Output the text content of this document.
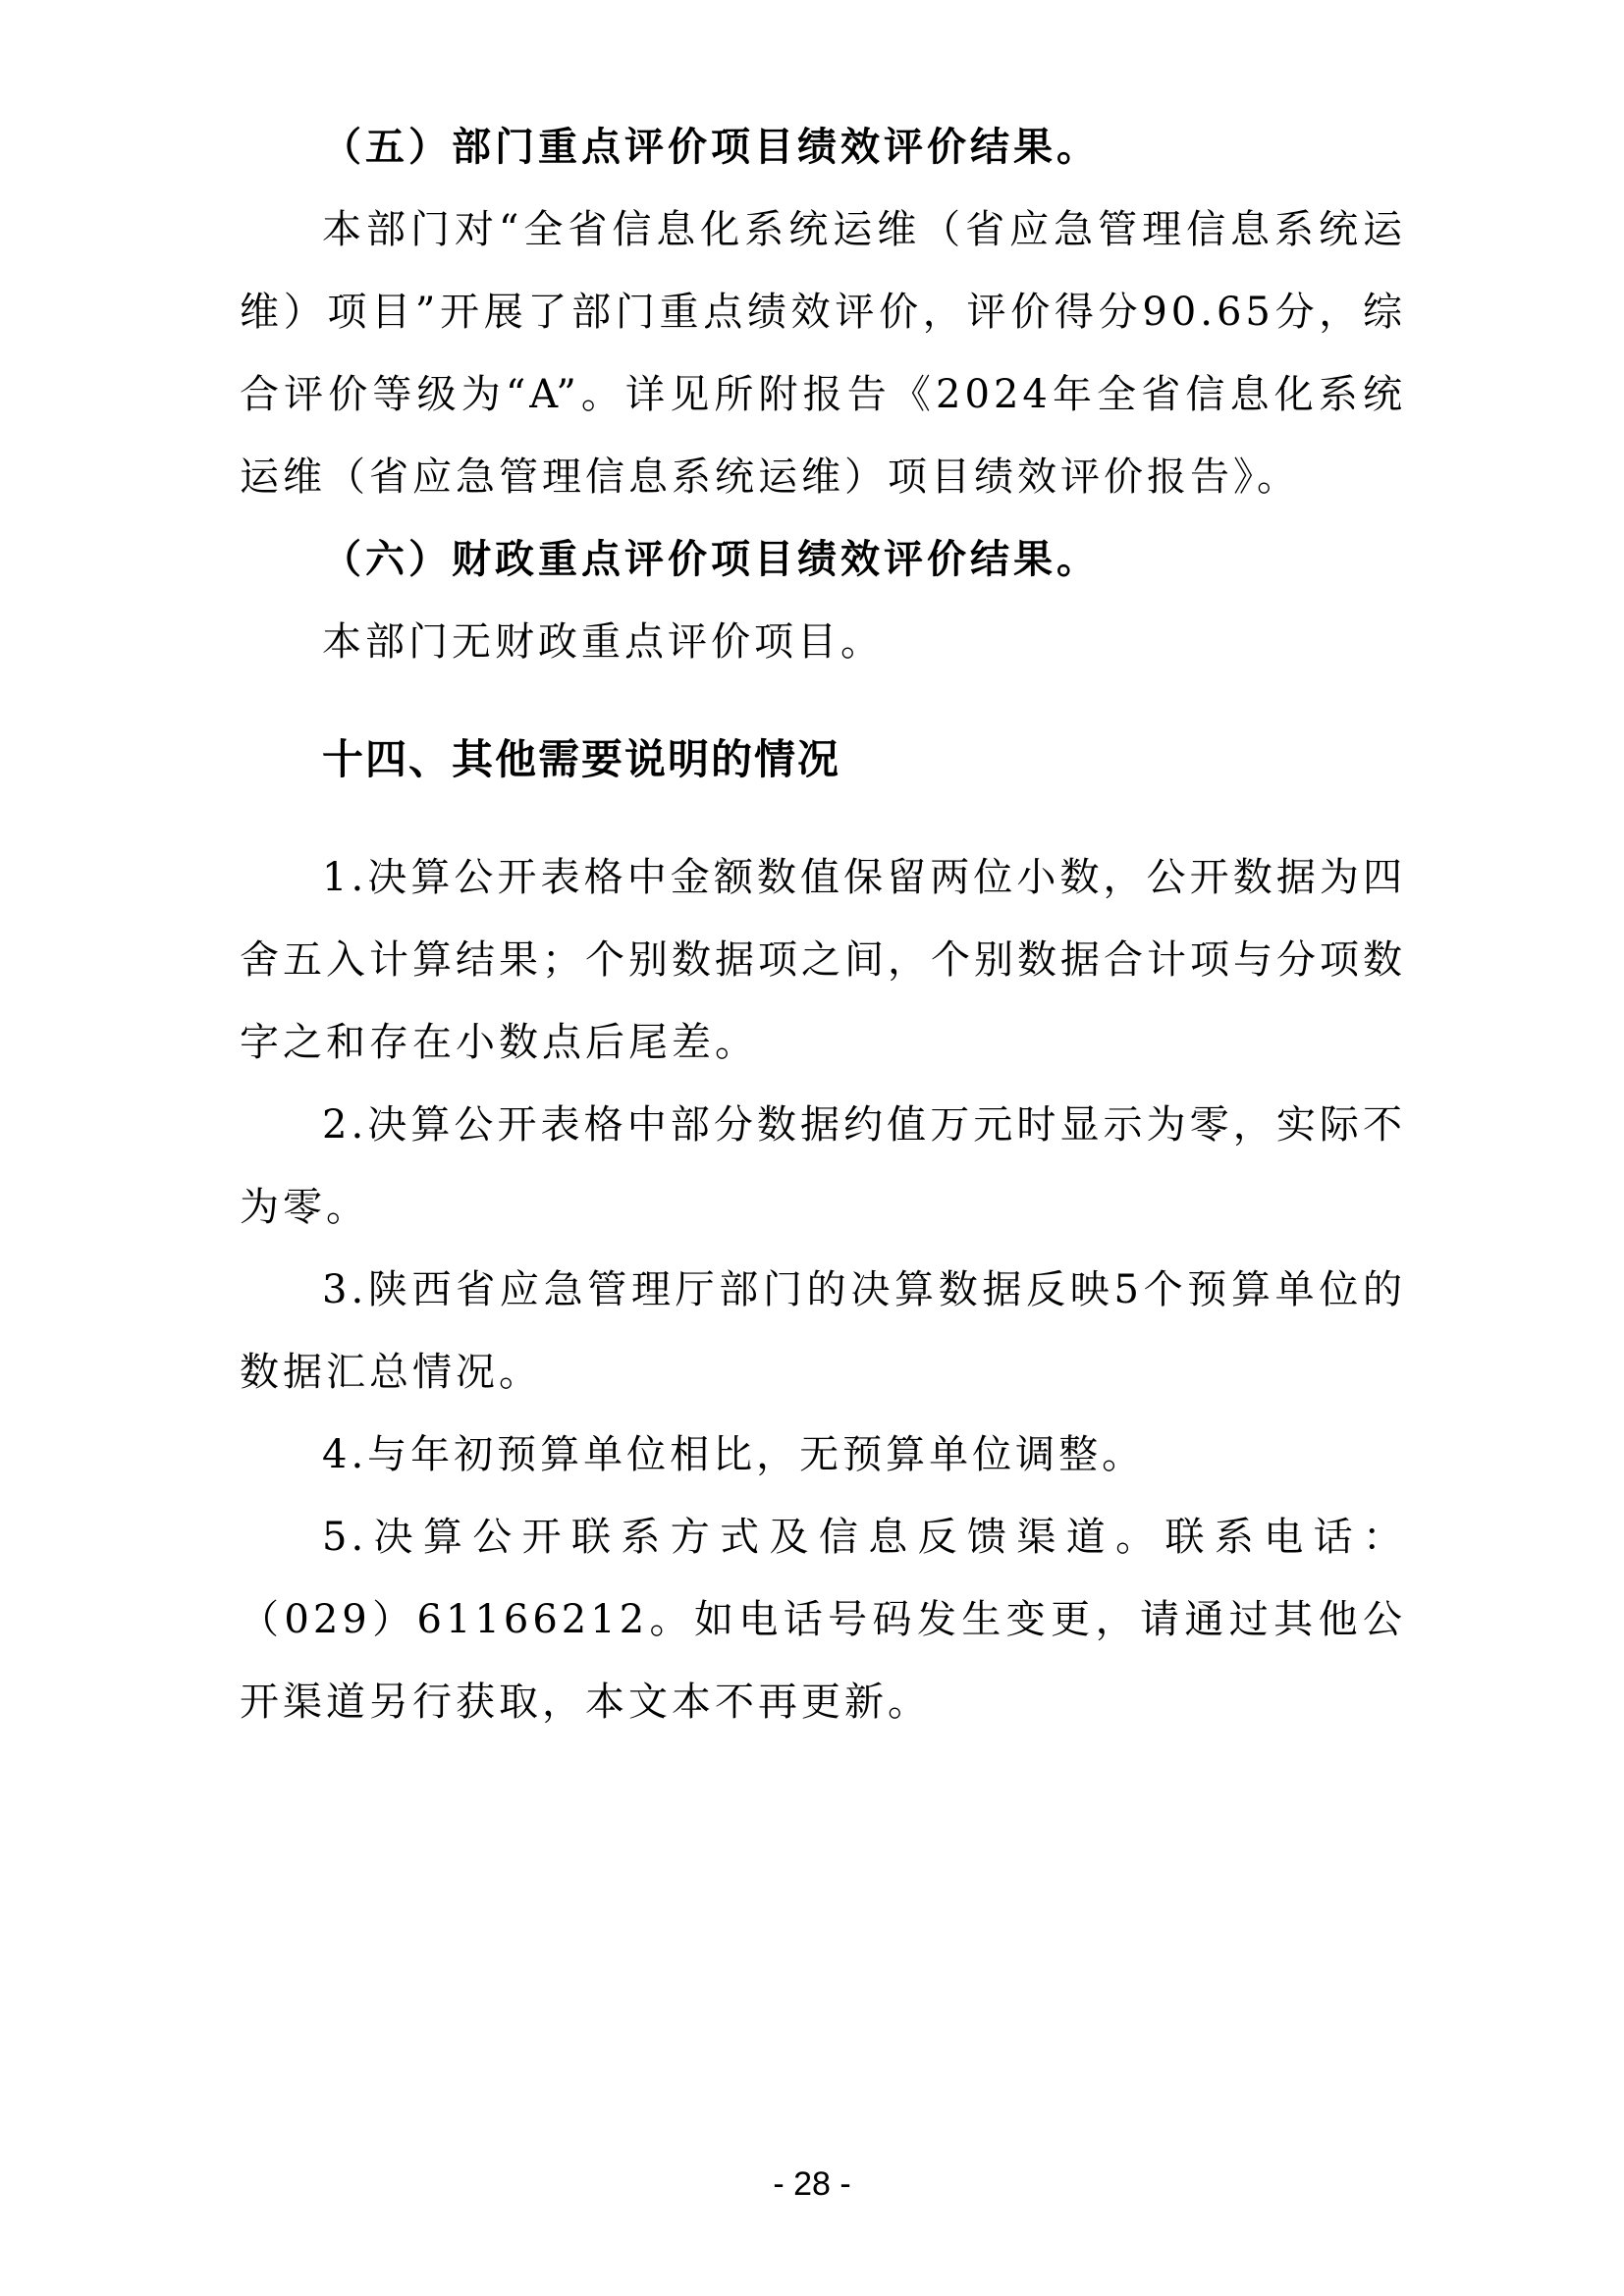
（五）部门重点评价项目绩效评价结果。

本部门对“全省信息化系统运维（省应急管理信息系统运维）项目”开展了部门重点绩效评价，评价得分90.65分，综合评价等级为“A”。详见所附报告《2024年全省信息化系统运维（省应急管理信息系统运维）项目绩效评价报告》。

（六）财政重点评价项目绩效评价结果。

本部门无财政重点评价项目。

十四、其他需要说明的情况

1.决算公开表格中金额数值保留两位小数，公开数据为四舍五入计算结果；个别数据项之间，个别数据合计项与分项数字之和存在小数点后尾差。

2.决算公开表格中部分数据约值万元时显示为零，实际不为零。

3.陕西省应急管理厅部门的决算数据反映5个预算单位的数据汇总情况。

4.与年初预算单位相比，无预算单位调整。

5.决算公开联系方式及信息反馈渠道。联系电话：（029）61166212。如电话号码发生变更，请通过其他公开渠道另行获取，本文本不再更新。

- 28 -
